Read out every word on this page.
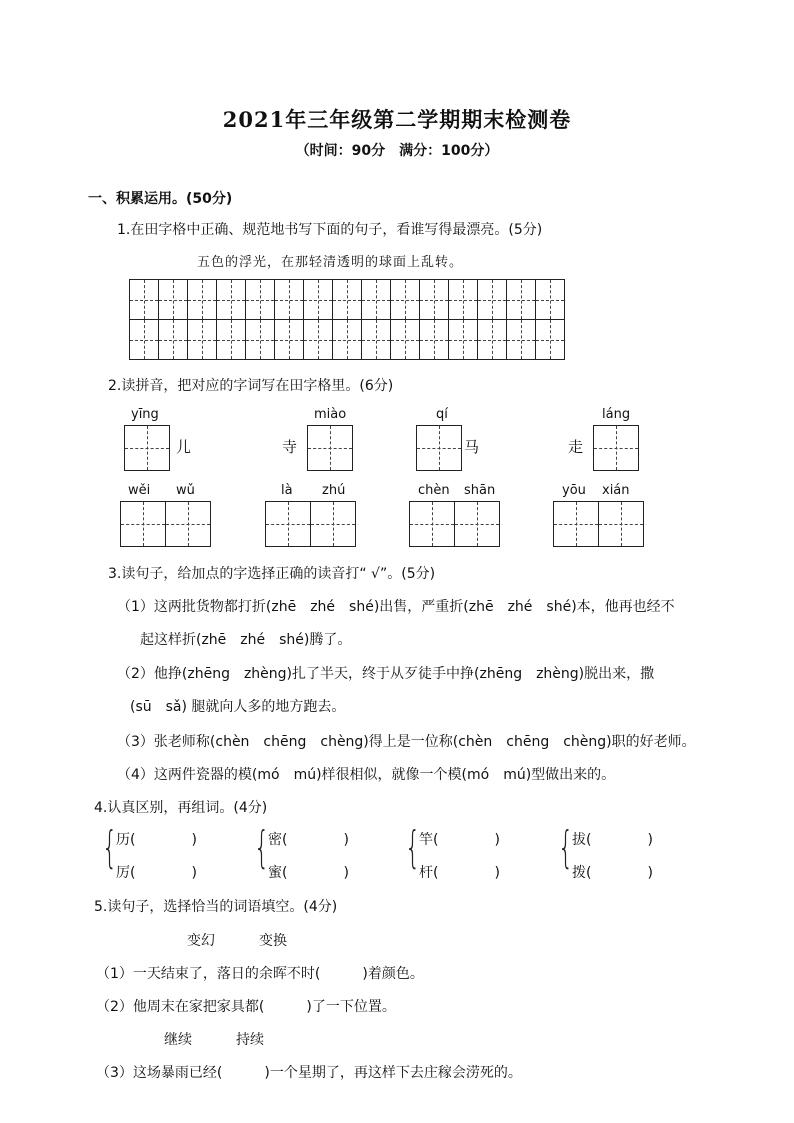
2021年三年级第二学期期末检测卷
（时间：90分　满分：100分）
一、积累运用。(50分)
1.在田字格中正确、规范地书写下面的句子，看谁写得最漂亮。(5分)
五色的浮光，在那轻清透明的球面上乱转。
2.读拼音，把对应的字词写在田字格里。(6分)
yīng
儿
miào
寺
qí
马
láng
走
wěi wǔ	là zhú	chèn shān	yōu xián
3.读句子，给加点的字选择正确的读音打“ √”。(5分)
（1）这两批货物都打折(zhē　zhé　shé)出售，严重折(zhē　zhé　shé)本，他再也经不
起这样折(zhē　zhé　shé)腾了。
（2）他挣(zhēng　zhèng)扎了半天，终于从歹徒手中挣(zhēng　zhèng)脱出来，撒
(sū　sǎ) 腿就向人多的地方跑去。
（3）张老师称(chèn　chēng　chèng)得上是一位称(chèn　chēng　chèng)职的好老师。
（4）这两件瓷器的模(mó　mú)样很相似，就像一个模(mó　mú)型做出来的。
4.认真区别，再组词。(4分)
{
历(　　　　)
厉(　　　　) {
密(　　　　)
蜜(　　　　) {
竿(　　　　)
杆(　　　　) {
拔(　　　　)
拨(　　　　)
5.读句子，选择恰当的词语填空。(4分)
变幻	变换
（1）一天结束了，落日的余晖不时(　　　)着颜色。
（2）他周末在家把家具都(　　　)了一下位置。
继续	持续
（3）这场暴雨已经(　　　)一个星期了，再这样下去庄稼会涝死的。
